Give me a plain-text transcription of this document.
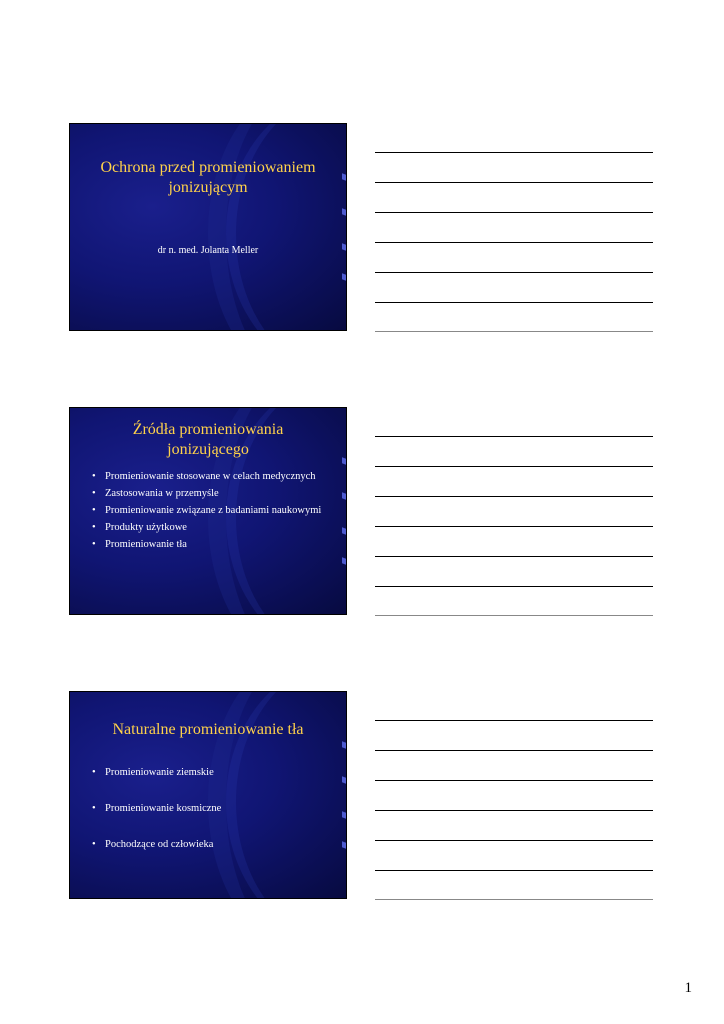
Ochrona przed promieniowaniem jonizującym
dr n. med. Jolanta Meller
Źródła promieniowania jonizującego
• Promieniowanie stosowane w celach medycznych
• Zastosowania w przemyśle
• Promieniowanie związane z badaniami naukowymi
• Produkty użytkowe
• Promieniowanie tła
Naturalne promieniowanie tła
• Promieniowanie ziemskie
• Promieniowanie kosmiczne
• Pochodzące od człowieka
1
